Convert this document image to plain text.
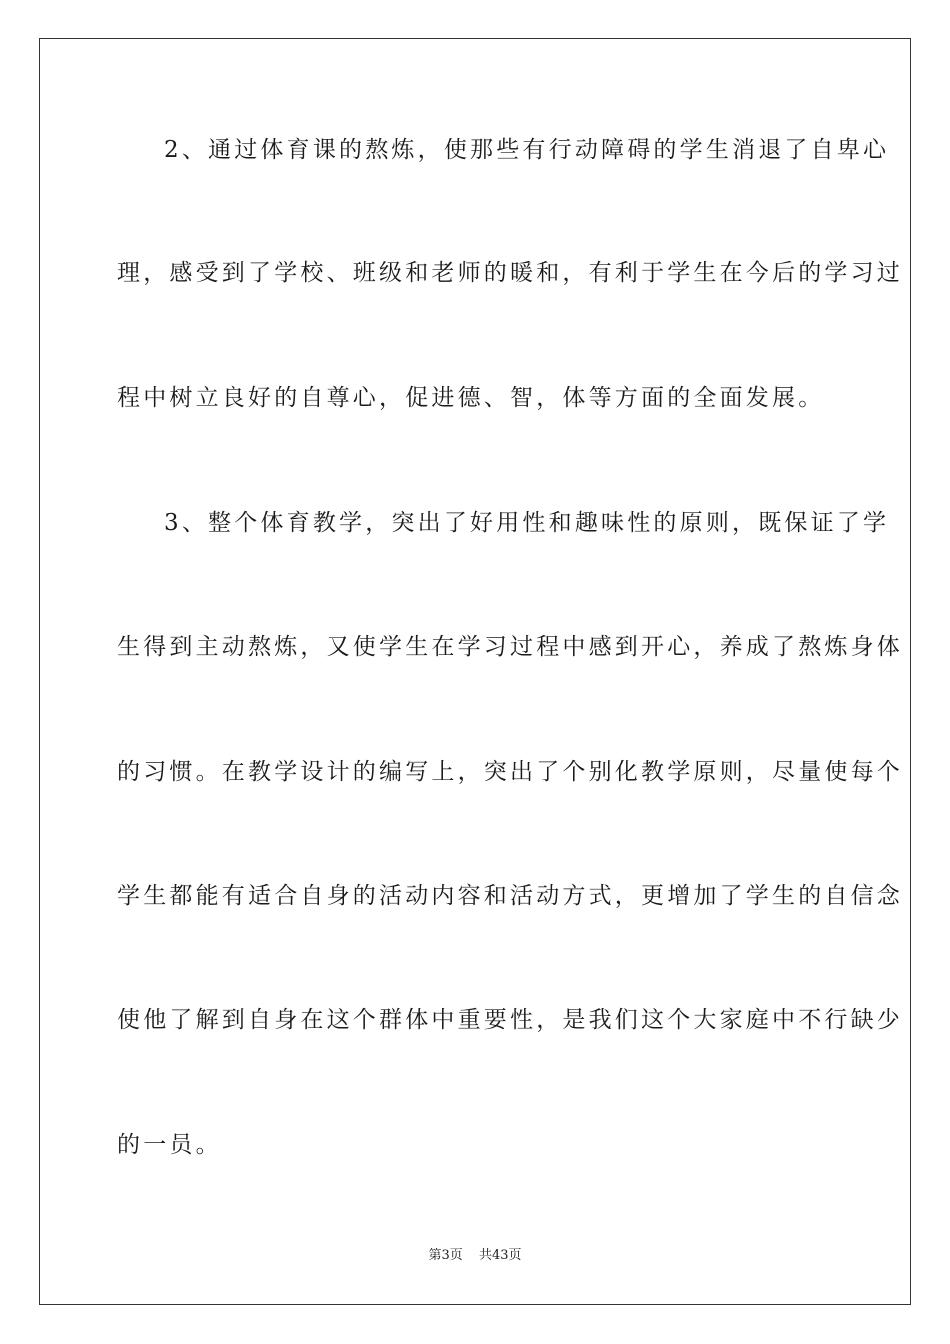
2、通过体育课的熬炼，使那些有行动障碍的学生消退了自卑心
理，感受到了学校、班级和老师的暖和，有利于学生在今后的学习过
程中树立良好的自尊心，促进德、智，体等方面的全面发展。
3、整个体育教学，突出了好用性和趣味性的原则，既保证了学
生得到主动熬炼，又使学生在学习过程中感到开心，养成了熬炼身体
的习惯。在教学设计的编写上，突出了个别化教学原则，尽量使每个
学生都能有适合自身的活动内容和活动方式，更增加了学生的自信念
使他了解到自身在这个群体中重要性，是我们这个大家庭中不行缺少
的一员。
第3页 共43页
